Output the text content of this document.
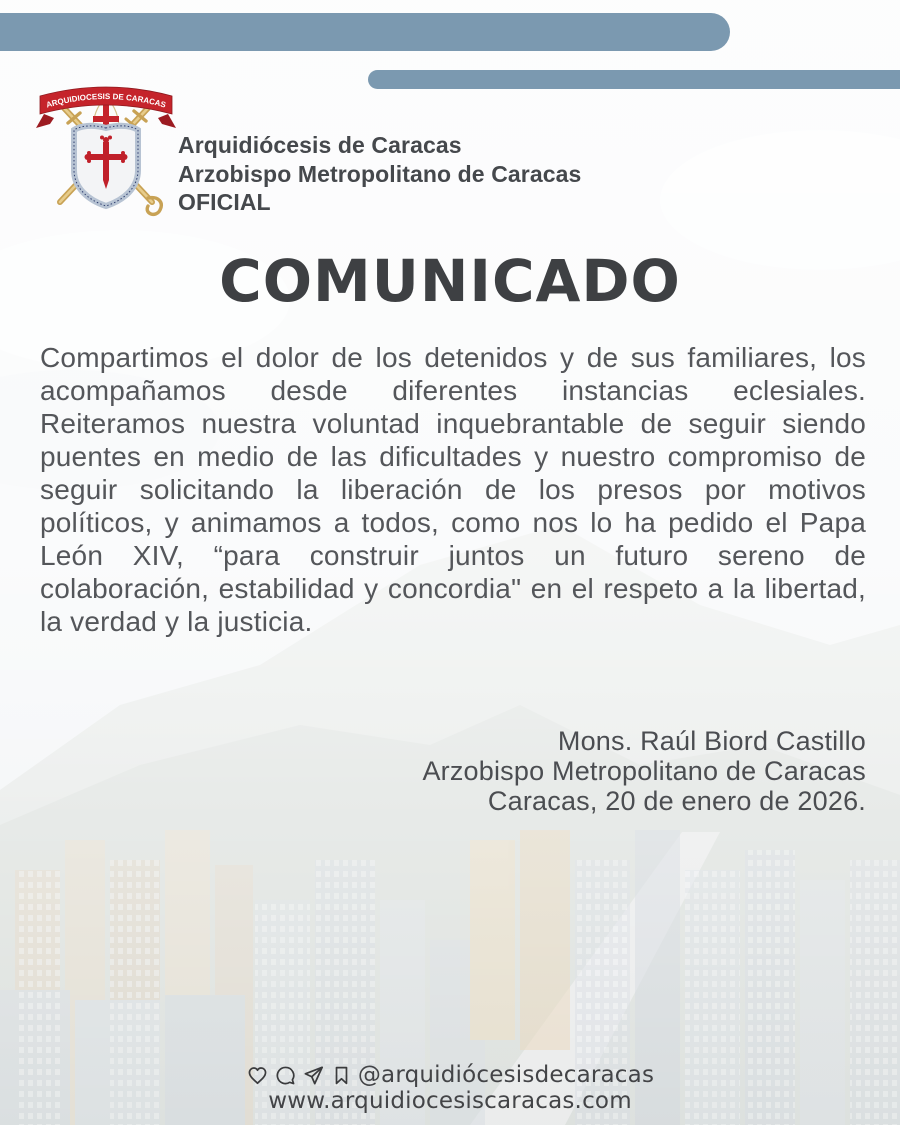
ARQUIDIOCESIS DE CARACAS
Arquidiócesis de Caracas
Arzobispo Metropolitano de Caracas
OFICIAL
COMUNICADO
Compartimos el dolor de los detenidos y de sus familiares, los acompañamos desde diferentes instancias eclesiales. Reiteramos nuestra voluntad inquebrantable de seguir siendo puentes en medio de las dificultades y nuestro compromiso de seguir solicitando la liberación de los presos por motivos políticos, y animamos a todos, como nos lo ha pedido el Papa León XIV, “para construir juntos un futuro sereno de colaboración, estabilidad y concordia" en el respeto a la libertad, la verdad y la justicia.
Mons. Raúl Biord Castillo
Arzobispo Metropolitano de Caracas
Caracas, 20 de enero de 2026.
@arquidiócesisdecaracas
www.arquidiocesiscaracas.com
